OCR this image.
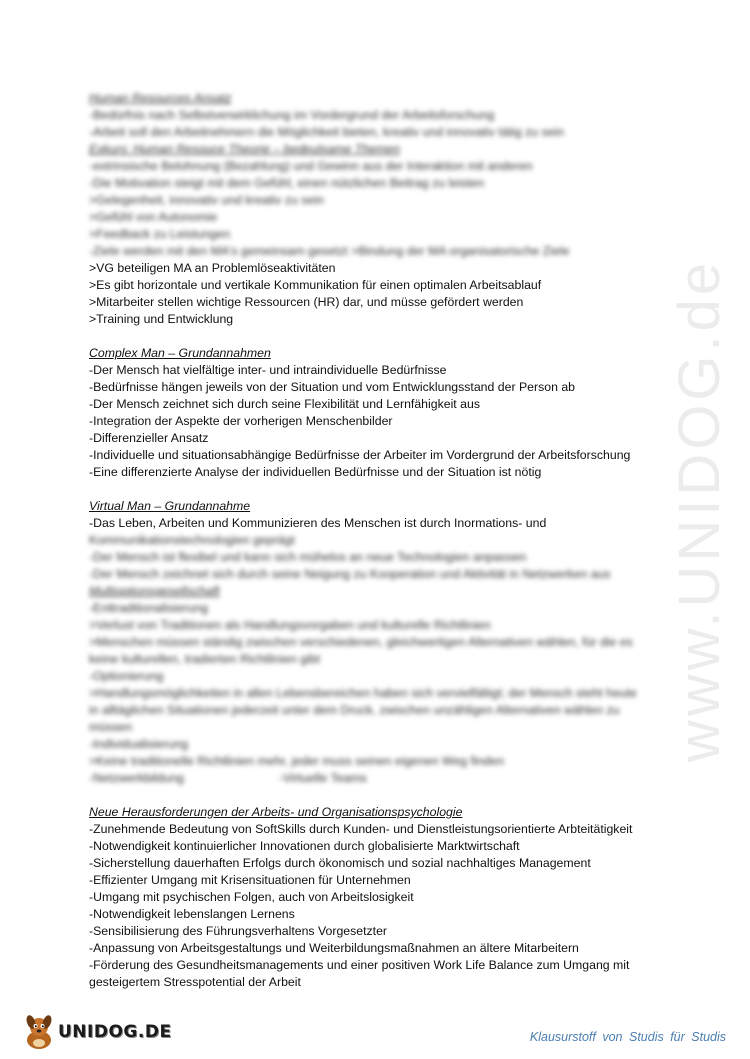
www.UNIDOG.de
Human Resources Ansatz
-Bedürfnis nach Selbstverwirklichung im Vordergrund der Arbeitsforschung
-Arbeit soll den Arbeitnehmern die Möglichkeit bieten, kreativ und innovativ tätig zu sein
Exkurs: Human Resouce Theorie – bedeutsame Themen
-extrinsische Belohnung (Bezahlung) und Gewinn aus der Interaktion mit anderen
-Die Motivation steigt mit dem Gefühl, einen nützlichen Beitrag zu leisten
>Gelegenheit, innovativ und kreativ zu sein
>Gefühl von Autonomie
>Feedback zu Leistungen
-Ziele werden mit den MA's gemeinsam gesetzt >Bindung der MA organisatorische Ziele
>VG beteiligen MA an Problemlöseaktivitäten
>Es gibt horizontale und vertikale Kommunikation für einen optimalen Arbeitsablauf
>Mitarbeiter stellen wichtige Ressourcen (HR) dar, und müsse gefördert werden
>Training und Entwicklung
Complex Man – Grundannahmen
-Der Mensch hat vielfältige inter- und intraindividuelle Bedürfnisse
-Bedürfnisse hängen jeweils von der Situation und vom Entwicklungsstand der Person ab
-Der Mensch zeichnet sich durch seine Flexibilität und Lernfähigkeit aus
-Integration der Aspekte der vorherigen Menschenbilder
-Differenzieller Ansatz
-Individuelle und situationsabhängige Bedürfnisse der Arbeiter im Vordergrund der Arbeitsforschung
-Eine differenzierte Analyse der individuellen Bedürfnisse und der Situation ist nötig
Virtual Man – Grundannahme
-Das Leben, Arbeiten und Kommunizieren des Menschen ist durch Inormations- und
Kommunikationstechnologien geprägt
-Der Mensch ist flexibel und kann sich mühelos an neue Technologien anpassen
-Der Mensch zeichnet sich durch seine Neigung zu Kooperation und Aktivität in Netzwerken aus
Multioptionsgesellschaft
-Enttraditionalisierung
>Verlust von Traditionen als Handlungsvorgaben und kulturelle Richtlinien
>Menschen müssen ständig zwischen verschiedenen, gleichwertigen Alternativen wählen, für die es
keine kulturellen, tradierten Richtlinien gibt
-Optionierung
>Handlungsmöglichkeiten in allen Lebensbereichen haben sich vervielfältigt; der Mensch steht heute
in alltäglichen Situationen jederzeit unter dem Druck, zwischen unzähligen Alternativen wählen zu
müssen
-Individualisierung
>Keine traditionelle Richtlinien mehr, jeder muss seinen eigenen Weg finden
-Netzwerkbildung	-Virtuelle Teams
Neue Herausforderungen der Arbeits- und Organisationspsychologie
-Zunehmende Bedeutung von SoftSkills durch Kunden- und Dienstleistungsorientierte Arbteitätigkeit
-Notwendigkeit kontinuierlicher Innovationen durch globalisierte Marktwirtschaft
-Sicherstellung dauerhaften Erfolgs durch ökonomisch und sozial nachhaltiges Management
-Effizienter Umgang mit Krisensituationen für Unternehmen
-Umgang mit psychischen Folgen, auch von Arbeitslosigkeit
-Notwendigkeit lebenslangen Lernens
-Sensibilisierung des Führungsverhaltens Vorgesetzter
-Anpassung von Arbeitsgestaltungs und Weiterbildungsmaßnahmen an ältere Mitarbeitern
-Förderung des Gesundheitsmanagements und einer positiven Work Life Balance zum Umgang mit
gesteigertem Stresspotential der Arbeit
UNIDOG.DE	Klausurstoff von Studis für Studis
